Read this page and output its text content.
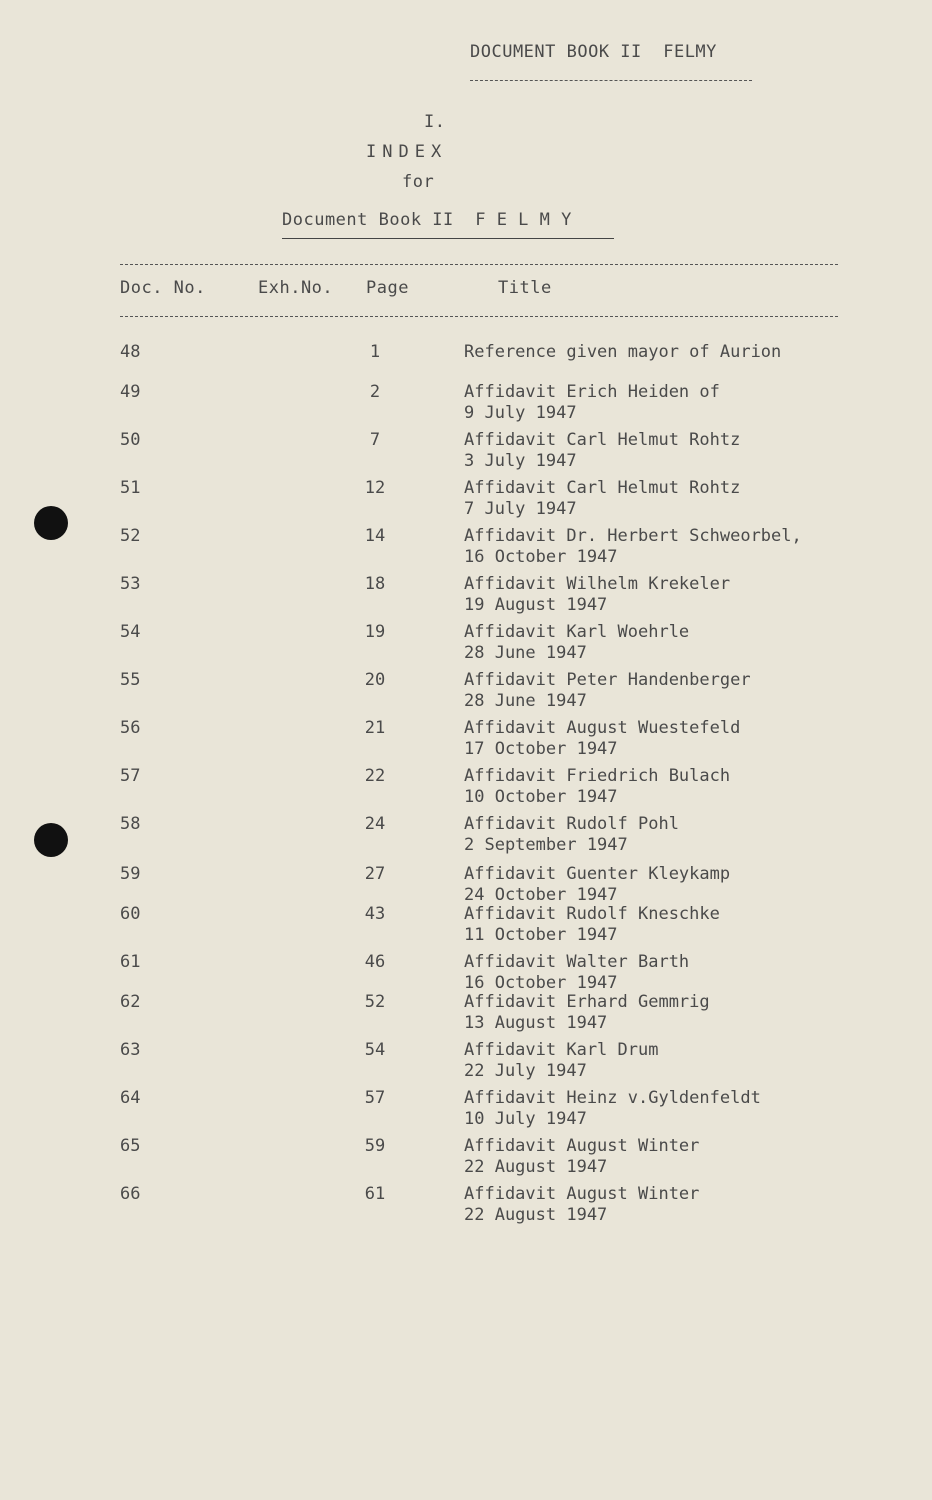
DOCUMENT BOOK II  FELMY
I.
INDEX
for
Document Book II  F E L M Y
Doc. No.	Exh.No. Page	Title
48	1	Reference given mayor of Aurion
49	2	Affidavit Erich Heiden of
9 July 1947
50	7	Affidavit Carl Helmut Rohtz
3 July 1947
51	12	Affidavit Carl Helmut Rohtz
7 July 1947
52	14	Affidavit Dr. Herbert Schweorbel,
16 October 1947
53	18	Affidavit Wilhelm Krekeler
19 August 1947
54	19	Affidavit Karl Woehrle
28 June 1947
55	20	Affidavit Peter Handenberger
28 June 1947
56	21	Affidavit August Wuestefeld
17 October 1947
57	22	Affidavit Friedrich Bulach
10 October 1947
58	24	Affidavit Rudolf Pohl
2 September 1947
59	27	Affidavit Guenter Kleykamp
24 October 1947
60	43	Affidavit Rudolf Kneschke
11 October 1947
61	46	Affidavit Walter Barth
16 October 1947
62	52	Affidavit Erhard Gemmrig
13 August 1947
63	54	Affidavit Karl Drum
22 July 1947
64	57	Affidavit Heinz v.Gyldenfeldt
10 July 1947
65	59	Affidavit August Winter
22 August 1947
66	61	Affidavit August Winter
22 August 1947
